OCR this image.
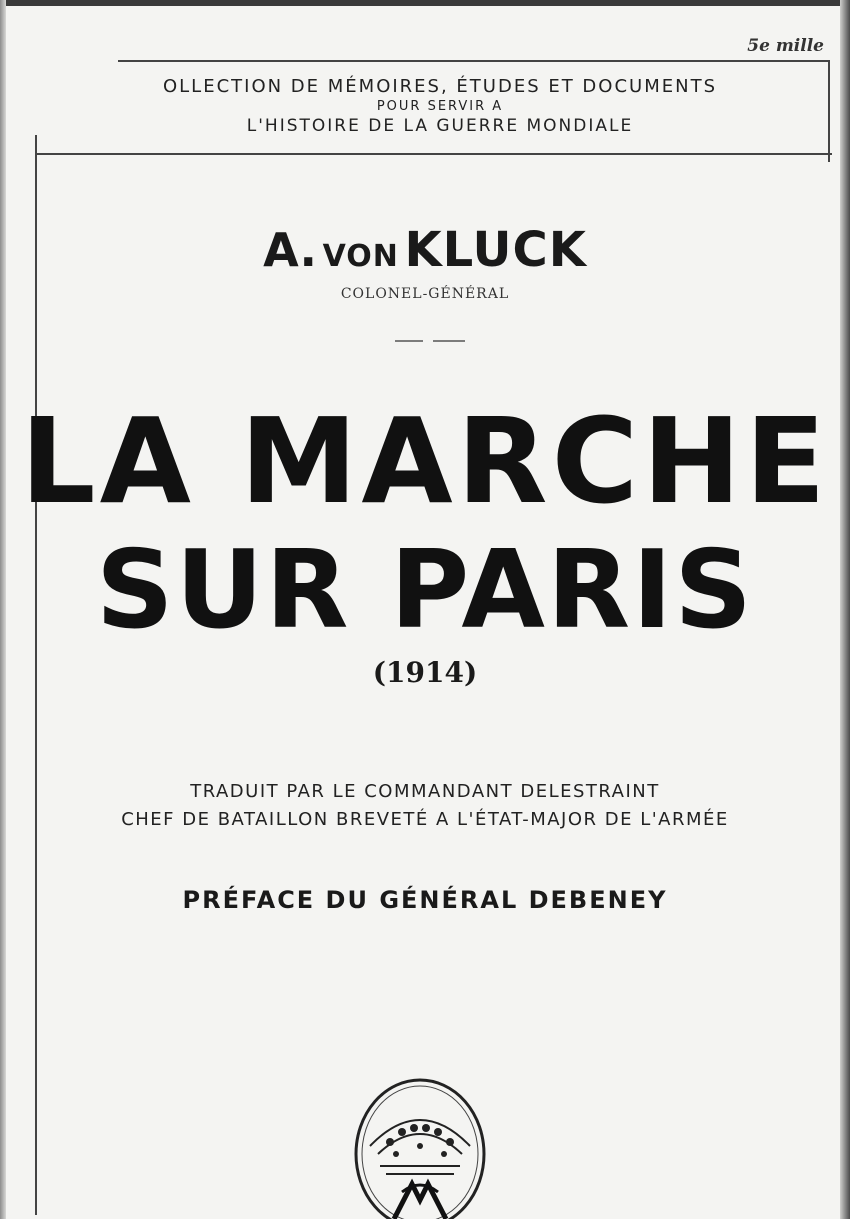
5e mille
OLLECTION DE MÉMOIRES, ÉTUDES ET DOCUMENTS
POUR SERVIR A
L'HISTOIRE DE LA GUERRE MONDIALE
A. VON KLUCK
COLONEL-GÉNÉRAL
LA MARCHE
SUR PARIS
(1914)
TRADUIT PAR LE COMMANDANT DELESTRAINT
CHEF DE BATAILLON BREVETÉ A L'ÉTAT-MAJOR DE L'ARMÉE
PRÉFACE DU GÉNÉRAL DEBENEY
